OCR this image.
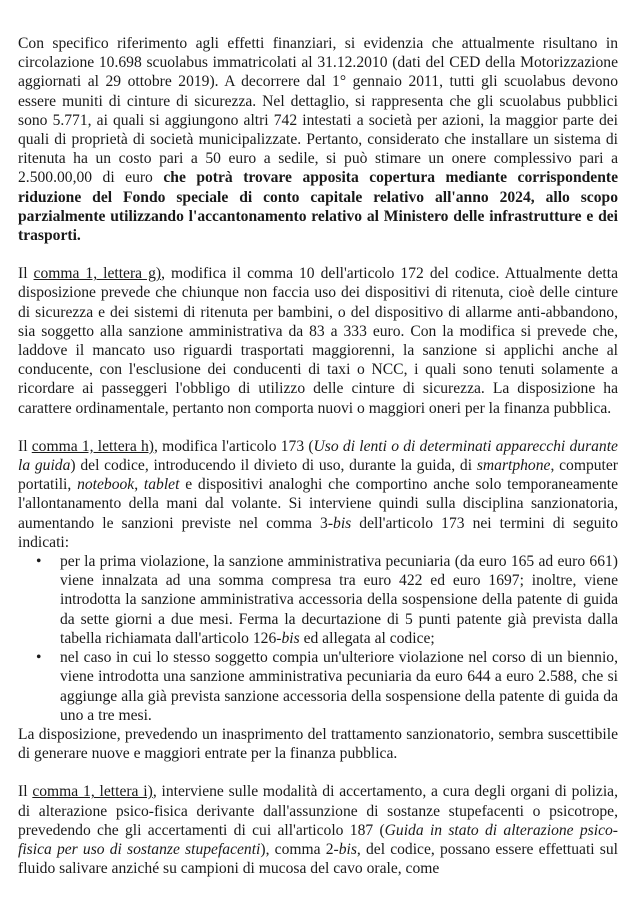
Con specifico riferimento agli effetti finanziari, si evidenzia che attualmente risultano in circolazione 10.698 scuolabus immatricolati al 31.12.2010 (dati del CED della Motorizzazione aggiornati al 29 ottobre 2019). A decorrere dal 1° gennaio 2011, tutti gli scuolabus devono essere muniti di cinture di sicurezza. Nel dettaglio, si rappresenta che gli scuolabus pubblici sono 5.771, ai quali si aggiungono altri 742 intestati a società per azioni, la maggior parte dei quali di proprietà di società municipalizzate. Pertanto, considerato che installare un sistema di ritenuta ha un costo pari a 50 euro a sedile, si può stimare un onere complessivo pari a 2.500.00,00 di euro che potrà trovare apposita copertura mediante corrispondente riduzione del Fondo speciale di conto capitale relativo all'anno 2024, allo scopo parzialmente utilizzando l'accantonamento relativo al Ministero delle infrastrutture e dei trasporti.

Il comma 1, lettera g), modifica il comma 10 dell'articolo 172 del codice. Attualmente detta disposizione prevede che chiunque non faccia uso dei dispositivi di ritenuta, cioè delle cinture di sicurezza e dei sistemi di ritenuta per bambini, o del dispositivo di allarme anti-abbandono, sia soggetto alla sanzione amministrativa da 83 a 333 euro. Con la modifica si prevede che, laddove il mancato uso riguardi trasportati maggiorenni, la sanzione si applichi anche al conducente, con l'esclusione dei conducenti di taxi o NCC, i quali sono tenuti solamente a ricordare ai passeggeri l'obbligo di utilizzo delle cinture di sicurezza. La disposizione ha carattere ordinamentale, pertanto non comporta nuovi o maggiori oneri per la finanza pubblica.

Il comma 1, lettera h), modifica l'articolo 173 (Uso di lenti o di determinati apparecchi durante la guida) del codice, introducendo il divieto di uso, durante la guida, di smartphone, computer portatili, notebook, tablet e dispositivi analoghi che comportino anche solo temporaneamente l'allontanamento della mani dal volante. Si interviene quindi sulla disciplina sanzionatoria, aumentando le sanzioni previste nel comma 3-bis dell'articolo 173 nei termini di seguito indicati:

• per la prima violazione, la sanzione amministrativa pecuniaria (da euro 165 ad euro 661) viene innalzata ad una somma compresa tra euro 422 ed euro 1697; inoltre, viene introdotta la sanzione amministrativa accessoria della sospensione della patente di guida da sette giorni a due mesi. Ferma la decurtazione di 5 punti patente già prevista dalla tabella richiamata dall'articolo 126-bis ed allegata al codice;
• nel caso in cui lo stesso soggetto compia un'ulteriore violazione nel corso di un biennio, viene introdotta una sanzione amministrativa pecuniaria da euro 644 a euro 2.588, che si aggiunge alla già prevista sanzione accessoria della sospensione della patente di guida da uno a tre mesi.

La disposizione, prevedendo un inasprimento del trattamento sanzionatorio, sembra suscettibile di generare nuove e maggiori entrate per la finanza pubblica.

Il comma 1, lettera i), interviene sulle modalità di accertamento, a cura degli organi di polizia, di alterazione psico-fisica derivante dall'assunzione di sostanze stupefacenti o psicotrope, prevedendo che gli accertamenti di cui all'articolo 187 (Guida in stato di alterazione psico-fisica per uso di sostanze stupefacenti), comma 2-bis, del codice, possano essere effettuati sul fluido salivare anziché su campioni di mucosa del cavo orale, come
